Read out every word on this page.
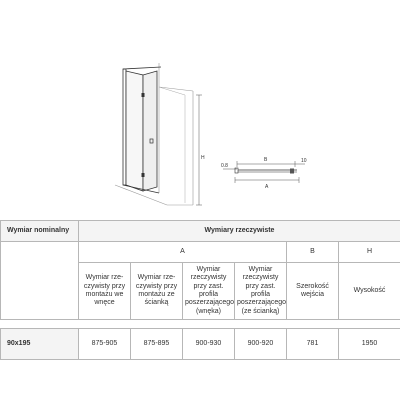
H	B
0.8
10
A
Wymiar nominalny	Wymiary rzeczywiste					
	A				B	H
	Wymiar rze-czywisty przy montażu we wnęce	Wymiar rze-czywisty przy montażu ze ścianką	Wymiar rzeczywisty przy zast. profila poszerzającego (wnęka)	Wymiar rzeczywisty przy zast. profila poszerzającego (ze ścianką)	Szerokość wejścia	Wysokość

90x195	875-905	875-895	900-930	900-920	781	1950
